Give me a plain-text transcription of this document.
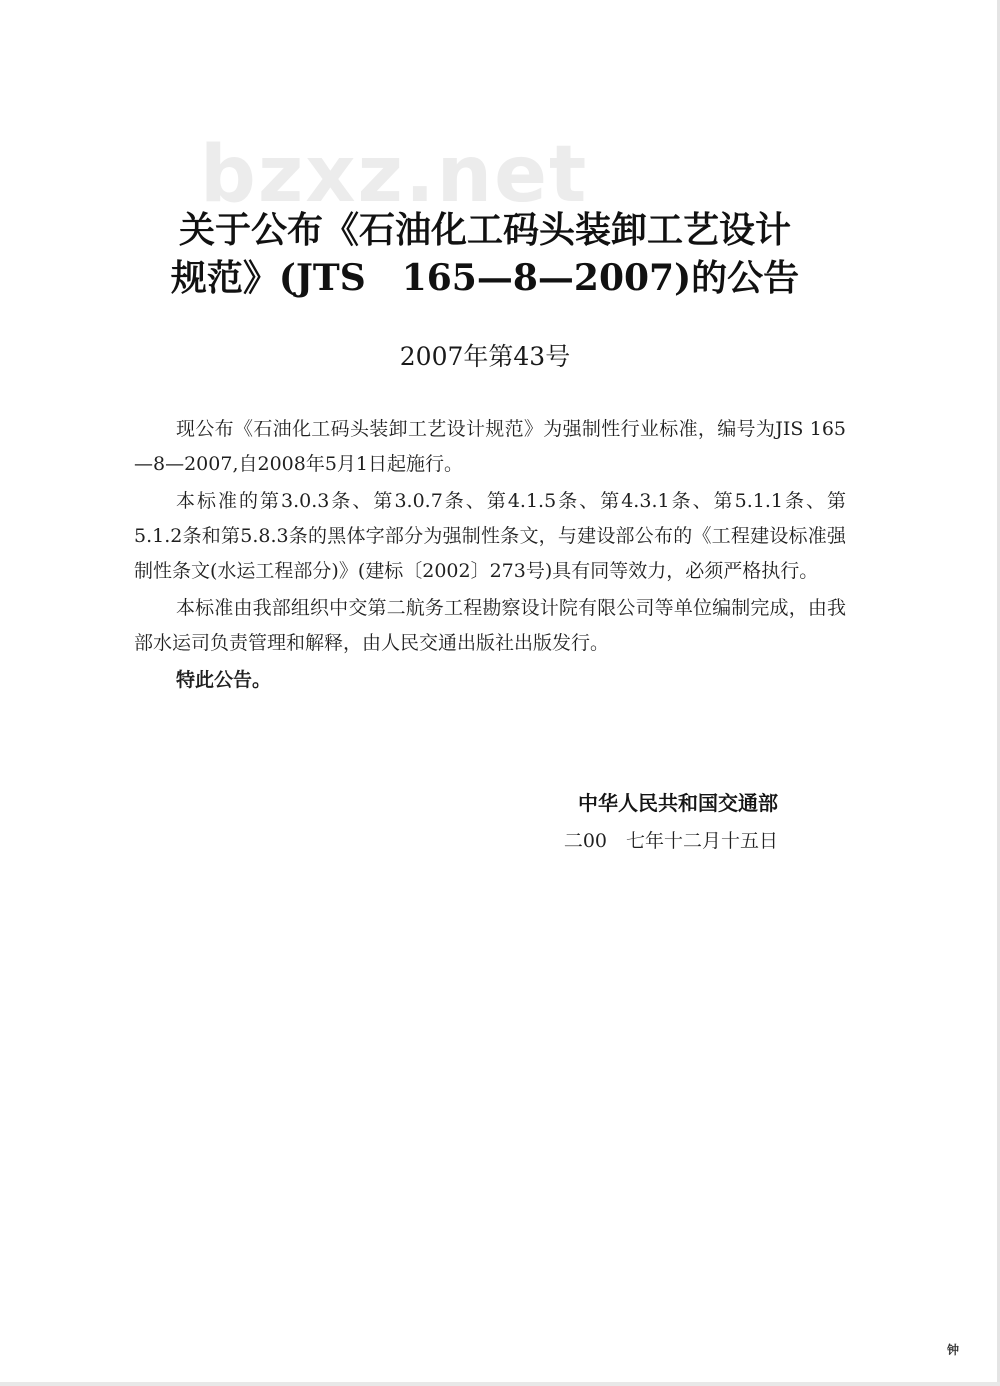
bzxz.net
关于公布《石油化工码头装卸工艺设计
规范》(JTS　165—8—2007)的公告
2007年第43号

现公布《石油化工码头装卸工艺设计规范》为强制性行业标准，编号为JIS 165—8—2007,自2008年5月1日起施行。

本标准的第3.0.3条、第3.0.7条、第4.1.5条、第4.3.1条、第5.1.1条、第5.1.2条和第5.8.3条的黑体字部分为强制性条文，与建设部公布的《工程建设标准强制性条文(水运工程部分)》(建标〔2002〕273号)具有同等效力，必须严格执行。

本标准由我部组织中交第二航务工程勘察设计院有限公司等单位编制完成，由我部水运司负责管理和解释，由人民交通出版社出版发行。

特此公告。

中华人民共和国交通部
二00　七年十二月十五日
钟
